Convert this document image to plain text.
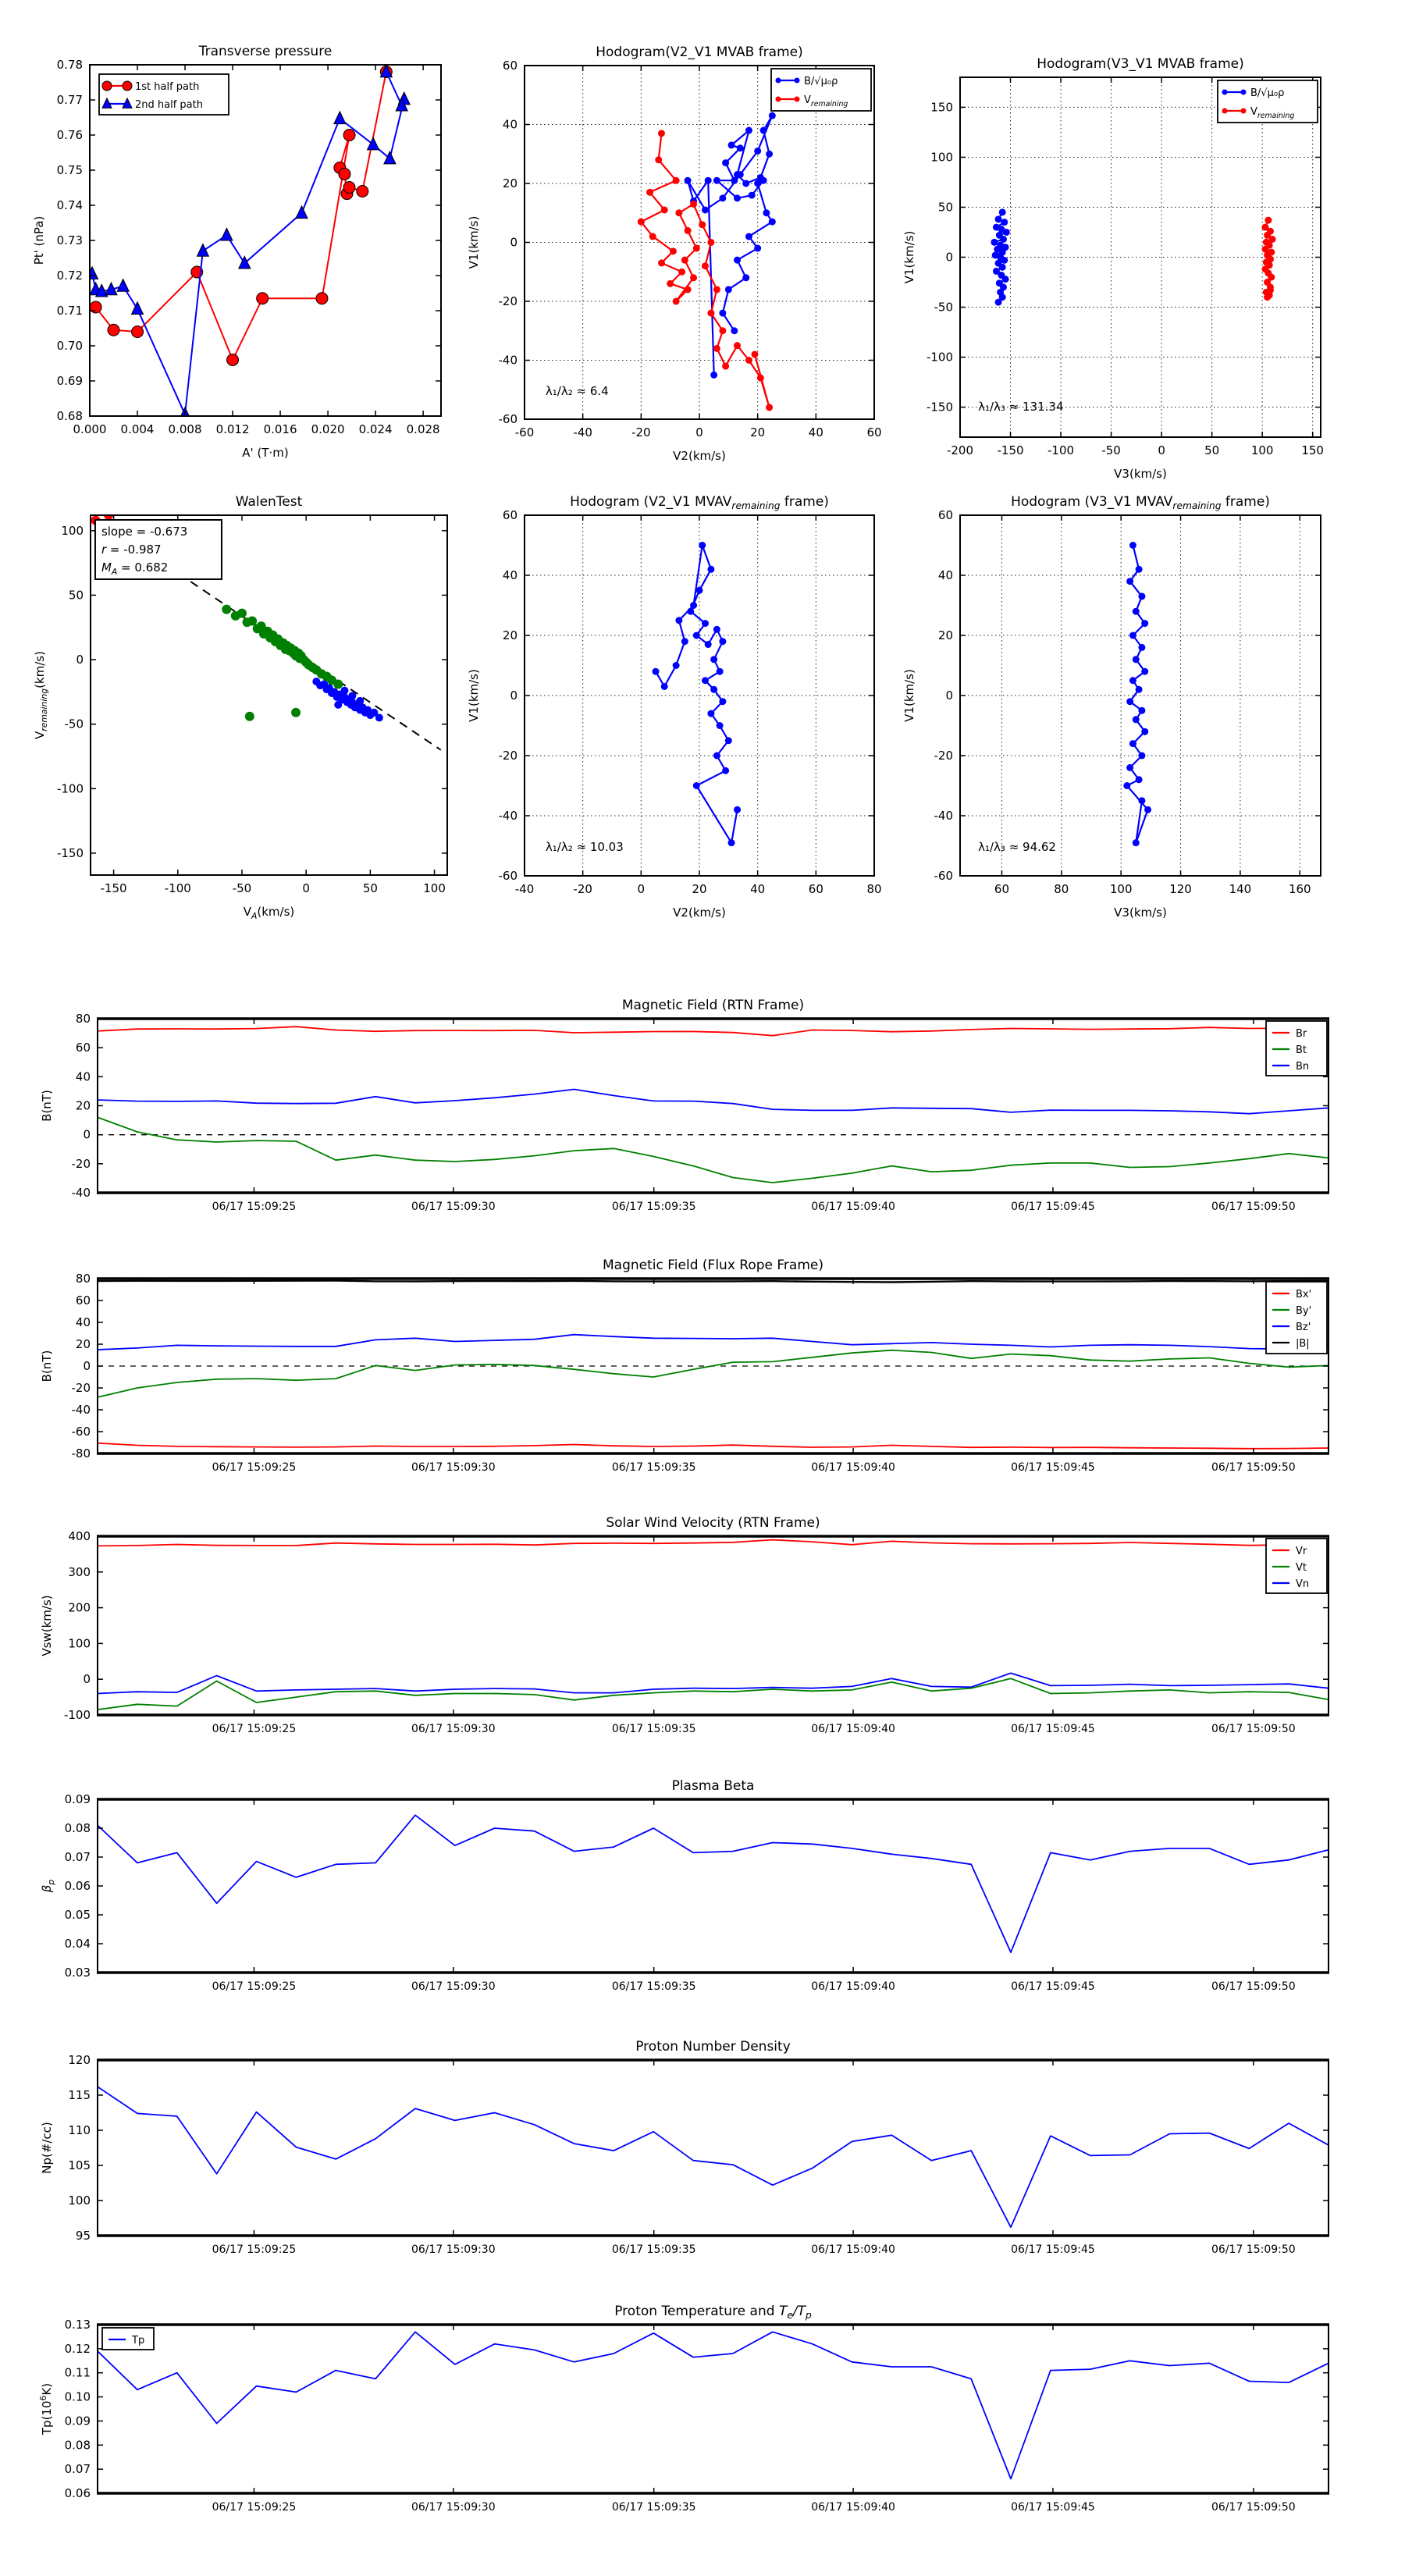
0.000 0.004 0.008 0.012 0.016 0.020 0.024 0.028
0.68
0.69
0.70
0.71
0.72
0.73
0.74
0.75
0.76
0.77
0.78
Transverse pressure
A' (T·m)
Pt' (nPa)
1st half path
2nd half path
-60	-40	-20	0	20	40	60
-60
-40
-20
0
20
40
60
Hodogram(V2_V1 MVAB frame)
V2(km/s)
V1(km/s)
B/√μ₀ρ
$V_{remaining}$
λ₁/λ₂ ≈ 6.4
-200 -150 -100 -50	0	50	100 150
-150
-100
-50
0
50
100
150
Hodogram(V3_V1 MVAB frame)
V3(km/s)
V1(km/s)
B/√μ₀ρ
$V_{remaining}$
λ₁/λ₃ ≈ 131.34
-150	-100	-50	0	50	100
-150
-100
-50
0
50
100
WalenTest
$V_A(km/s)$
$V_{remaining}(km/s)$
slope = -0.673
r = -0.987
$M_A = 0.682$
-40	-20	0	20	40	60	80
-60
-40
-20
0
20
40
60
Hodogram (V2_V1 $MVAV_{remaining}$ frame)
V2(km/s)
V1(km/s)
λ₁/λ₂ ≈ 10.03
60	80	100	120	140	160
-60
-40
-20
0
20
40
60
Hodogram (V3_V1 $MVAV_{remaining}$ frame)
V3(km/s)
V1(km/s)
λ₁/λ₃ ≈ 94.62
06/17 15:09:25	06/17 15:09:30	06/17 15:09:35	06/17 15:09:40	06/17 15:09:45	06/17 15:09:50
-40
-20
0
20
40
60
80
Magnetic Field (RTN Frame)
B(nT)
Br
Bt
Bn
06/17 15:09:25	06/17 15:09:30	06/17 15:09:35	06/17 15:09:40	06/17 15:09:45	06/17 15:09:50
-80
-60
-40
-20
0
20
40
60
80
Magnetic Field (Flux Rope Frame)
B(nT)
Bx'
By'
Bz'
|B|
06/17 15:09:25	06/17 15:09:30	06/17 15:09:35	06/17 15:09:40	06/17 15:09:45	06/17 15:09:50
-100
0
100
200
300
400
Solar Wind Velocity (RTN Frame)
Vsw(km/s)
Vr
Vt
Vn
06/17 15:09:25	06/17 15:09:30	06/17 15:09:35	06/17 15:09:40	06/17 15:09:45	06/17 15:09:50
0.03
0.04
0.05
0.06
0.07
0.08
0.09
Plasma Beta
$\beta_p$
06/17 15:09:25	06/17 15:09:30	06/17 15:09:35	06/17 15:09:40	06/17 15:09:45	06/17 15:09:50
95
100
105
110
115
120
Proton Number Density
Np(#/cc)
06/17 15:09:25	06/17 15:09:30	06/17 15:09:35	06/17 15:09:40	06/17 15:09:45	06/17 15:09:50
0.06
0.07
0.08
0.09
0.10
0.11
0.12
0.13
Proton Temperature and $T_e/T_p$
$Tp(10^6K)$
Tp
